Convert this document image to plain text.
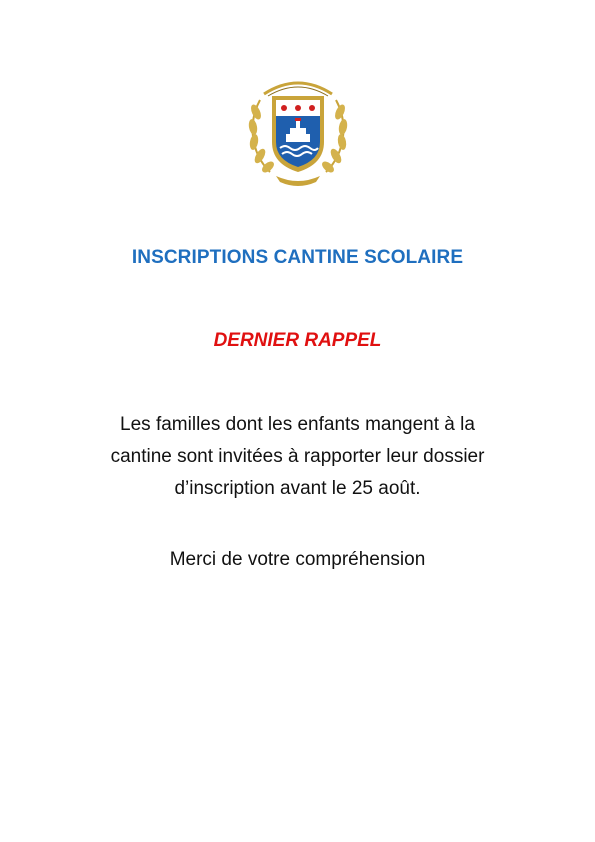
INSCRIPTIONS CANTINE SCOLAIRE
DERNIER RAPPEL
Les familles dont les enfants mangent à la
cantine sont invitées à rapporter leur dossier
d’inscription avant le 25 août.
Merci de votre compréhension
